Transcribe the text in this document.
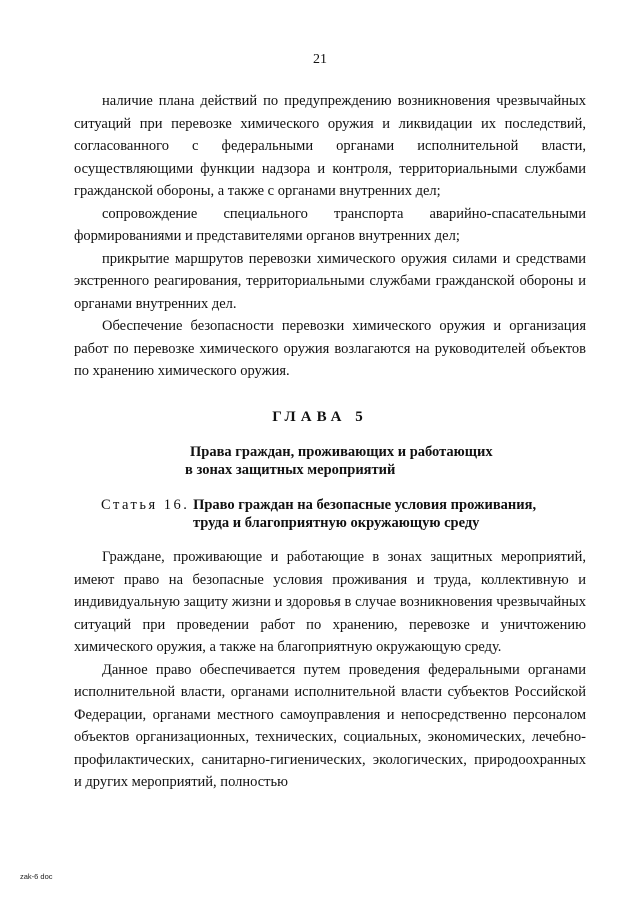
21

наличие плана действий по предупреждению возникновения чрезвычайных ситуаций при перевозке химического оружия и ликвидации их последствий, согласованного с федеральными органами исполнительной власти, осуществляющими функции надзора и контроля, территориальными службами гражданской обороны, а также с органами внутренних дел;

сопровождение специального транспорта аварийно-спасательными формированиями и представителями органов внутренних дел;

прикрытие маршрутов перевозки химического оружия силами и средствами экстренного реагирования, территориальными службами гражданской обороны и органами внутренних дел.

Обеспечение безопасности перевозки химического оружия и организация работ по перевозке химического оружия возлагаются на руководителей объектов по хранению химического оружия.

ГЛАВА 5
Права граждан, проживающих и работающих
в зонах защитных мероприятий
Статья 16. Право граждан на безопасные условия проживания,
труда и благоприятную окружающую среду

Граждане, проживающие и работающие в зонах защитных мероприятий, имеют право на безопасные условия проживания и труда, коллективную и индивидуальную защиту жизни и здоровья в случае возникновения чрезвычайных ситуаций при проведении работ по хранению, перевозке и уничтожению химического оружия, а также на благоприятную окружающую среду.

Данное право обеспечивается путем проведения федеральными органами исполнительной власти, органами исполнительной власти субъектов Российской Федерации, органами местного самоуправления и непосредственно персоналом объектов организационных, технических, социальных, экономических, лечебно-профилактических, санитарно-гигиенических, экологических, природоохранных и других мероприятий, полностью

zak-6 doc
